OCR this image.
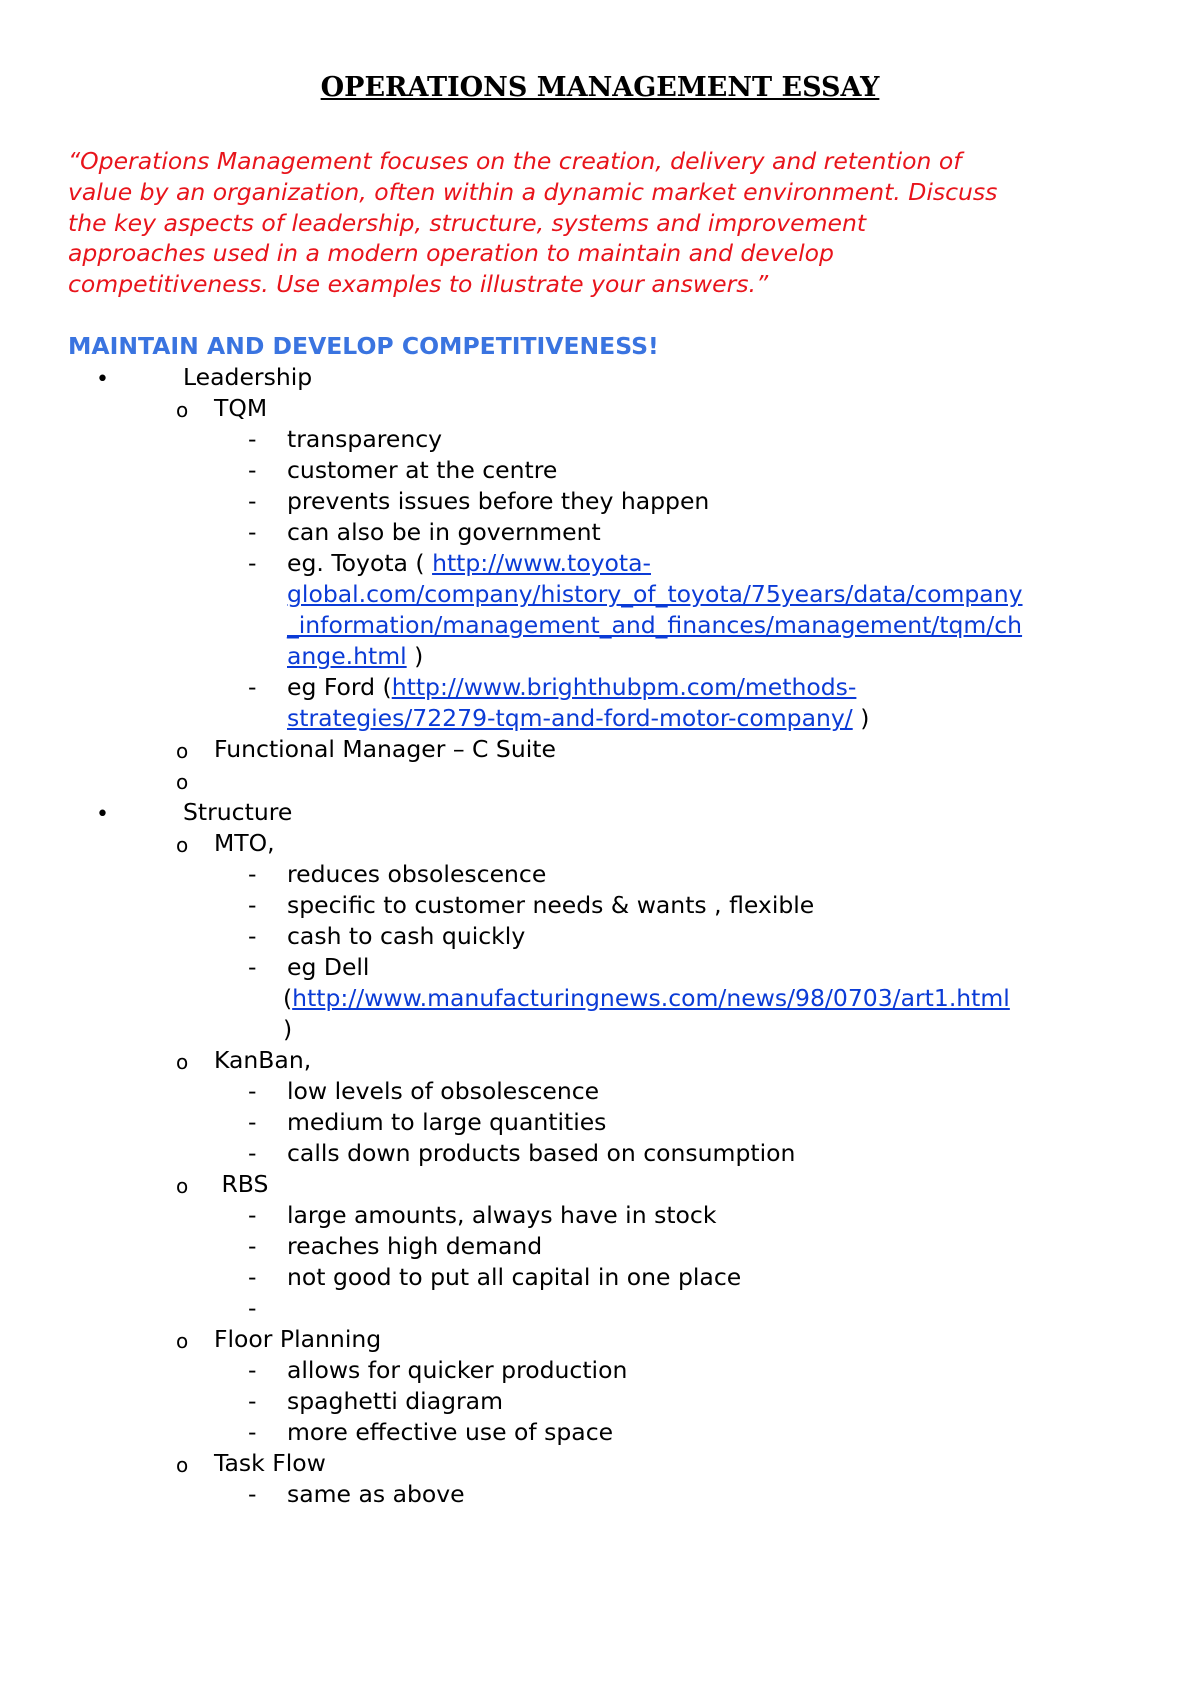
OPERATIONS MANAGEMENT ESSAY
“Operations Management focuses on the creation, delivery and retention of
value by an organization, often within a dynamic market environment. Discuss
the key aspects of leadership, structure, systems and improvement
approaches used in a modern operation to maintain and develop
competitiveness. Use examples to illustrate your answers.”
MAINTAIN AND DEVELOP COMPETITIVENESS!
•	Leadership
o TQM
- transparency
- customer at the centre
- prevents issues before they happen
- can also be in government
- eg. Toyota ( http://www.toyota-
global.com/company/history_of_toyota/75years/data/company
_information/management_and_finances/management/tqm/ch
ange.html )
- eg Ford (http://www.brighthubpm.com/methods-
strategies/72279-tqm-and-ford-motor-company/ )
o Functional Manager – C Suite
o
•	Structure
o MTO,
- reduces obsolescence
- specific to customer needs & wants , flexible
- cash to cash quickly
- eg Dell
(http://www.manufacturingnews.com/news/98/0703/art1.html
)
o KanBan,
- low levels of obsolescence
- medium to large quantities
- calls down products based on consumption
o RBS
- large amounts, always have in stock
- reaches high demand
- not good to put all capital in one place
-
o Floor Planning
- allows for quicker production
- spaghetti diagram
- more effective use of space
o Task Flow
- same as above
